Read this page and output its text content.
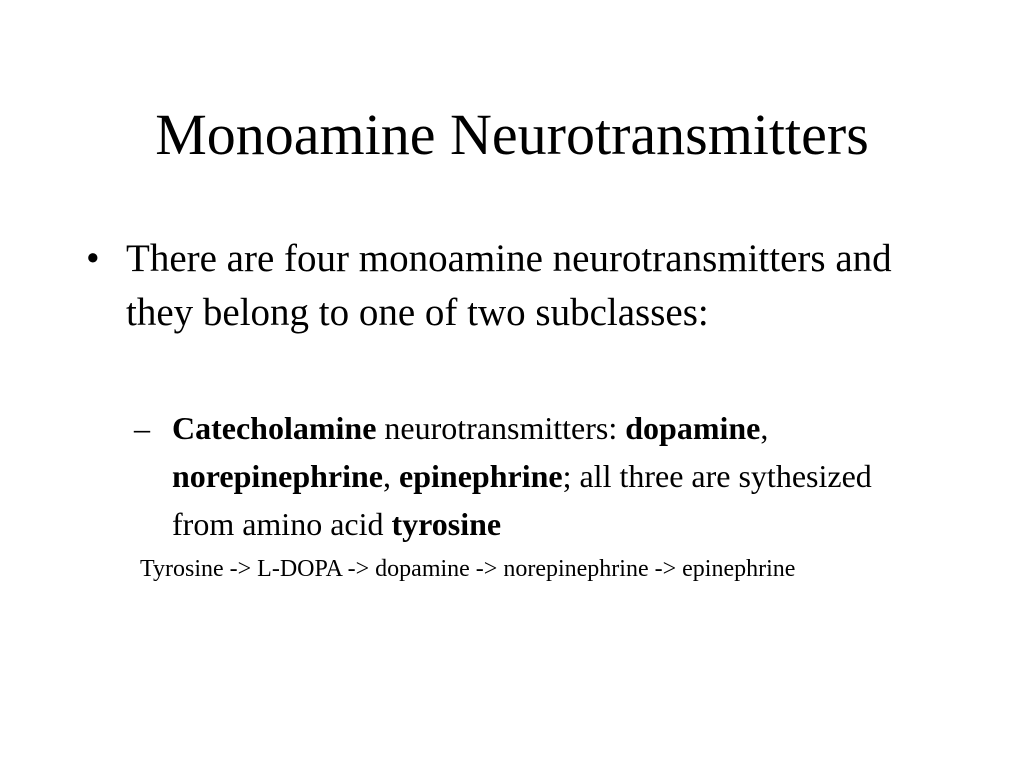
Monoamine Neurotransmitters
• There are four monoamine neurotransmitters and they belong to one of two subclasses:
– Catecholamine neurotransmitters: dopamine, norepinephrine, epinephrine; all three are sythesized from amino acid tyrosine
Tyrosine -> L-DOPA -> dopamine -> norepinephrine -> epinephrine
